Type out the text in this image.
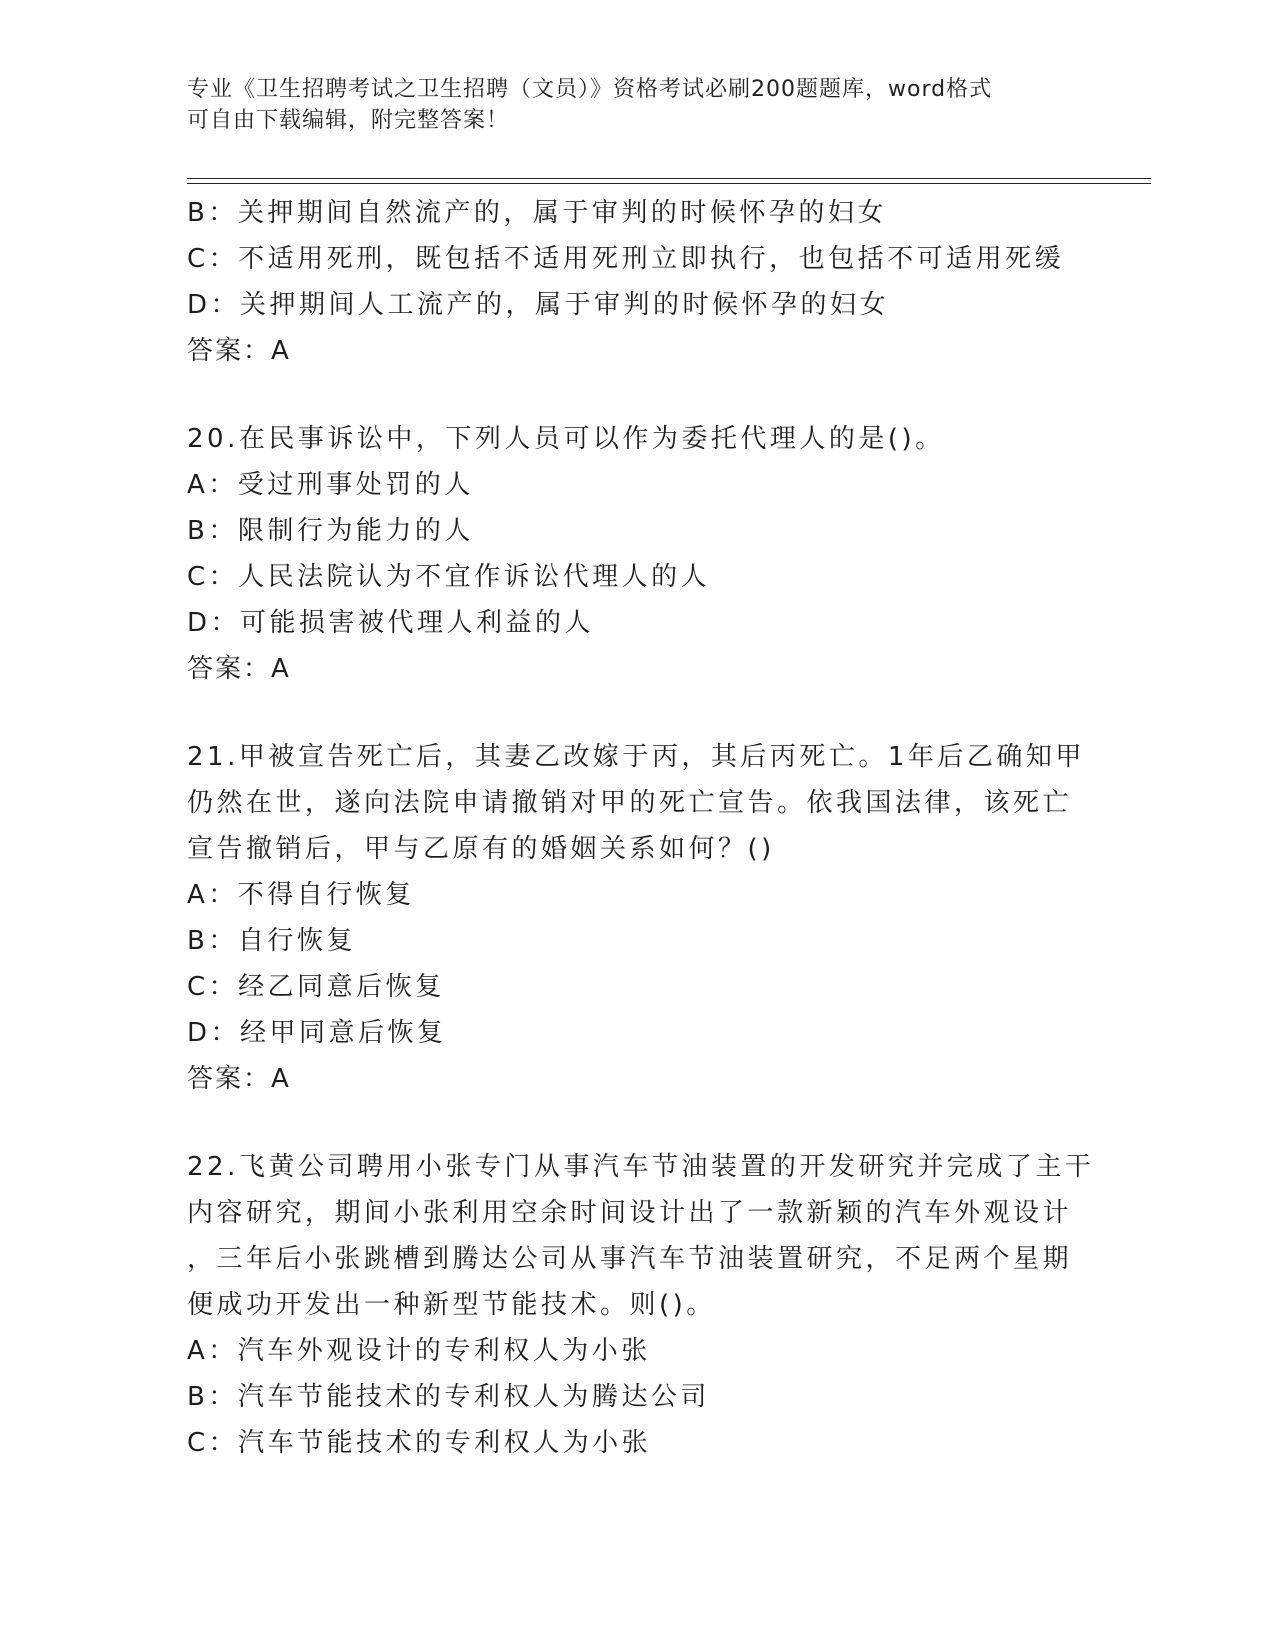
专业《卫生招聘考试之卫生招聘（文员）》资格考试必刷200题题库，word格式
可自由下载编辑，附完整答案！
B：关押期间自然流产的，属于审判的时候怀孕的妇女
C：不适用死刑，既包括不适用死刑立即执行，也包括不可适用死缓
D：关押期间人工流产的，属于审判的时候怀孕的妇女
答案：A
20.在民事诉讼中，下列人员可以作为委托代理人的是()。
A：受过刑事处罚的人
B：限制行为能力的人
C：人民法院认为不宜作诉讼代理人的人
D：可能损害被代理人利益的人
答案：A
21.甲被宣告死亡后，其妻乙改嫁于丙，其后丙死亡。1年后乙确知甲
仍然在世，遂向法院申请撤销对甲的死亡宣告。依我国法律，该死亡
宣告撤销后，甲与乙原有的婚姻关系如何？()
A：不得自行恢复
B：自行恢复
C：经乙同意后恢复
D：经甲同意后恢复
答案：A
22.飞黄公司聘用小张专门从事汽车节油装置的开发研究并完成了主干
内容研究，期间小张利用空余时间设计出了一款新颖的汽车外观设计
，三年后小张跳槽到腾达公司从事汽车节油装置研究，不足两个星期
便成功开发出一种新型节能技术。则()。
A：汽车外观设计的专利权人为小张
B：汽车节能技术的专利权人为腾达公司
C：汽车节能技术的专利权人为小张
